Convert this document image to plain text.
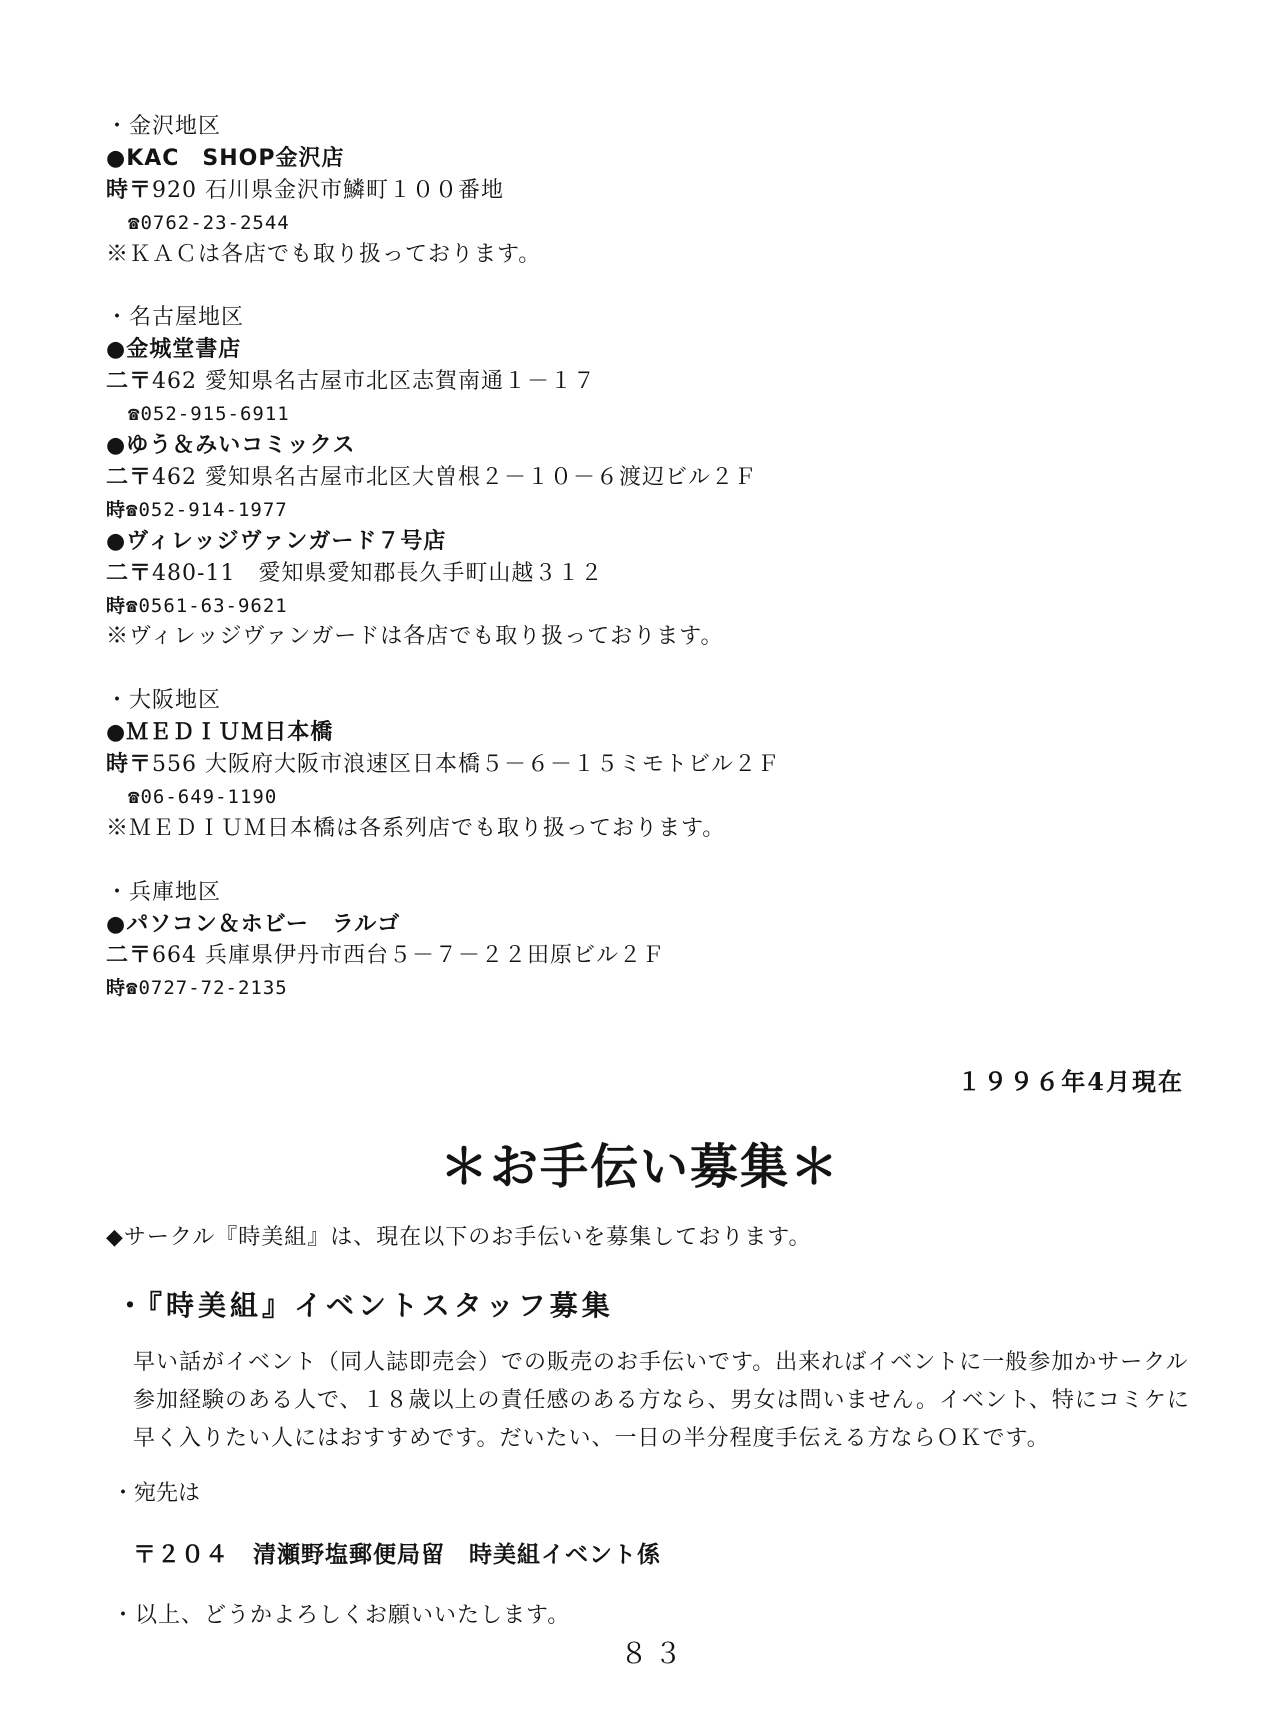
・金沢地区
●KAC　SHOP金沢店
時〒920 石川県金沢市鱗町１００番地
☎0762-23-2544
※ＫＡＣは各店でも取り扱っております。
・名古屋地区
●金城堂書店
二〒462 愛知県名古屋市北区志賀南通１－１７
☎052-915-6911
●ゆう＆みいコミックス
二〒462 愛知県名古屋市北区大曽根２－１０－６渡辺ビル２Ｆ
時☎052-914-1977
●ヴィレッジヴァンガード７号店
二〒480-11　愛知県愛知郡長久手町山越３１２
時☎0561-63-9621
※ヴィレッジヴァンガードは各店でも取り扱っております。
・大阪地区
●ＭＥＤＩＵＭ日本橋
時〒556 大阪府大阪市浪速区日本橋５－６－１５ミモトビル２Ｆ
☎06-649-1190
※ＭＥＤＩＵＭ日本橋は各系列店でも取り扱っております。
・兵庫地区
●パソコン＆ホビー　ラルゴ
二〒664 兵庫県伊丹市西台５－７－２２田原ビル２Ｆ
時☎0727-72-2135
１９９６年4月現在
＊お手伝い募集＊
◆サークル『時美組』は、現在以下のお手伝いを募集しております。
・『時美組』イベントスタッフ募集
早い話がイベント（同人誌即売会）での販売のお手伝いです。出来ればイベントに一般参加かサークル参加経験のある人で、１８歳以上の責任感のある方なら、男女は問いません。イベント、特にコミケに早く入りたい人にはおすすめです。だいたい、一日の半分程度手伝える方ならＯＫです。
・宛先は
〒２０４　清瀬野塩郵便局留　時美組イベント係
・以上、どうかよろしくお願いいたします。
８３
